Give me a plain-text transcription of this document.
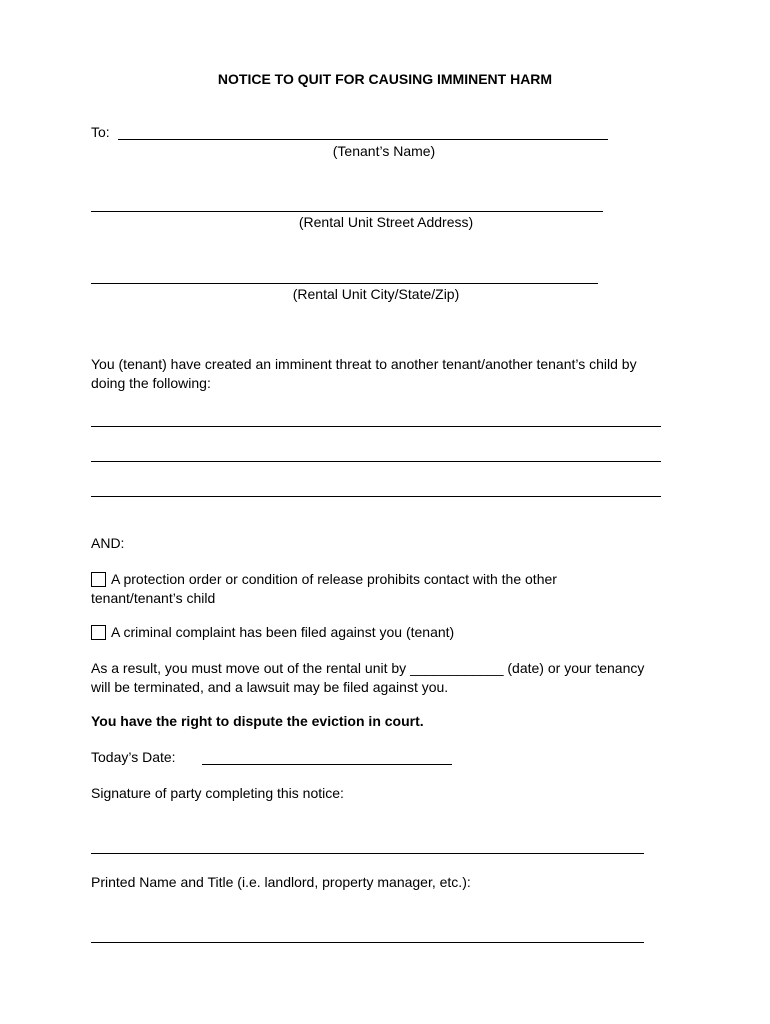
NOTICE TO QUIT FOR CAUSING IMMINENT HARM
To:
(Tenant’s Name)
(Rental Unit Street Address)
(Rental Unit City/State/Zip)
You (tenant) have created an imminent threat to another tenant/another tenant’s child by doing the following:
AND:
A protection order or condition of release prohibits contact with the other tenant/tenant’s child
A criminal complaint has been filed against you (tenant)
As a result, you must move out of the rental unit by ____________ (date) or your tenancy will be terminated, and a lawsuit may be filed against you.
You have the right to dispute the eviction in court.
Today’s Date:
Signature of party completing this notice:
Printed Name and Title (i.e. landlord, property manager, etc.):
